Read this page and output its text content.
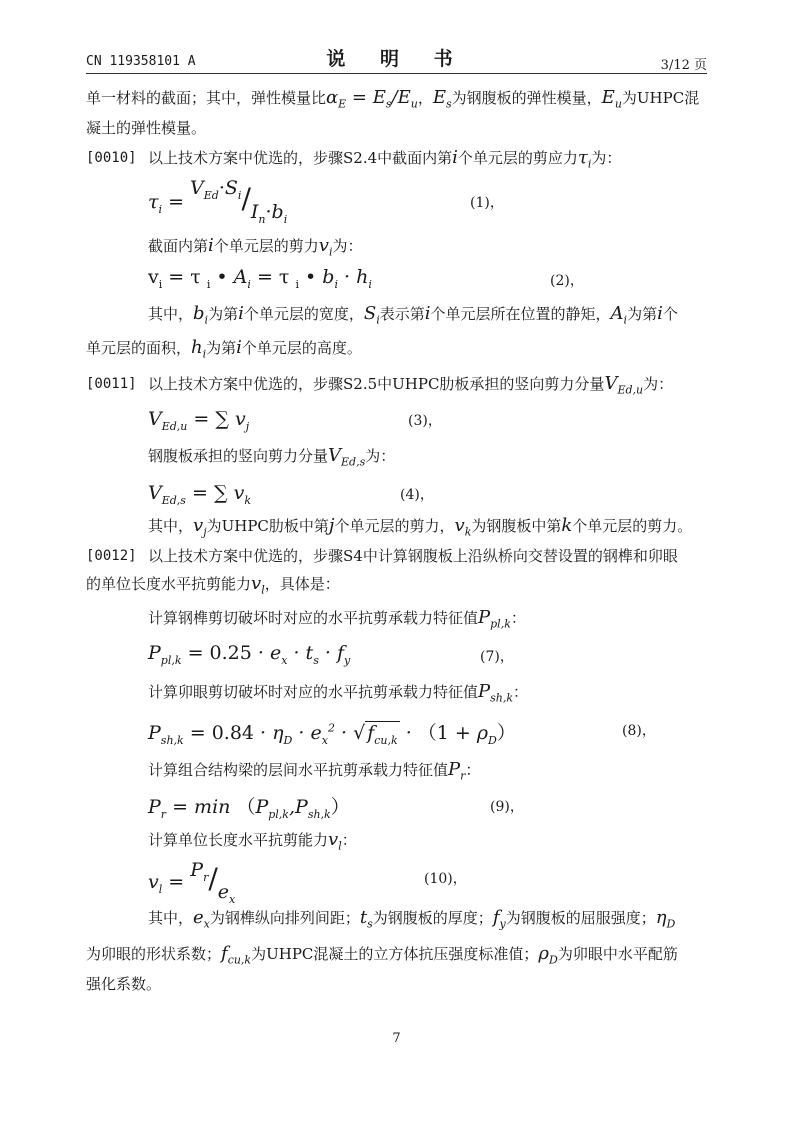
CN 119358101 A	说 明 书	3/12 页
单一材料的截面；其中，弹性模量比$\alpha_E = E_s/E_u$，$E_s$为钢腹板的弹性模量，$E_u$为UHPC混
凝土的弹性模量。
[0010] 以上技术方案中优选的，步骤S2.4中截面内第i个单元层的剪应力$\tau_i$为：
$\tau_i = V_{Ed}\cdot S_i/I_n\cdot b_i$
(1)，
截面内第i个单元层的剪力$v_i$为：
$v_i = \tau$ $_i$ • $A_i = \tau$ $_i$ • $b_i \cdot h_i$	(2)，
其中，$b_i$为第i个单元层的宽度，$S_i$表示第i个单元层所在位置的静矩，$A_i$为第i个
单元层的面积，$h_i$为第i个单元层的高度。
[0011] 以上技术方案中优选的，步骤S2.5中UHPC肋板承担的竖向剪力分量$V_{Ed,u}$为：
$V_{Ed,u}$ = ∑ $v_j$	(3)，
钢腹板承担的竖向剪力分量$V_{Ed,s}$为：
$V_{Ed,s}$ = ∑ $v_k$	(4)，
其中，$v_j$为UHPC肋板中第j个单元层的剪力，$v_k$为钢腹板中第k个单元层的剪力。
[0012] 以上技术方案中优选的，步骤S4中计算钢腹板上沿纵桥向交替设置的钢榫和卯眼
的单位长度水平抗剪能力$v_l$，具体是：
计算钢榫剪切破坏时对应的水平抗剪承载力特征值$P_{pl,k}$：
$P_{pl,k} = 0.25 \cdot e_x \cdot t_s \cdot f_y$	(7)，
计算卯眼剪切破坏时对应的水平抗剪承载力特征值$P_{sh,k}$：
$P_{sh,k} = 0.84 \cdot \eta_D \cdot e_x^2$ · √ $f_{cu,k} \cdot (1 + \rho_D)$	(8)，
计算组合结构梁的层间水平抗剪承载力特征值$P_r$：
$P_r = \min (P_{pl,k},P_{sh,k})$	(9)，
计算单位长度水平抗剪能力$v_l$：
$v_l = P_r/e_x$
(10)，
其中，$e_x$为钢榫纵向排列间距；$t_s$为钢腹板的厚度；$f_y$为钢腹板的屈服强度；$\eta_D$
为卯眼的形状系数；$f_{cu,k}$为UHPC混凝土的立方体抗压强度标准值；$\rho_D$为卯眼中水平配筋
强化系数。
7
